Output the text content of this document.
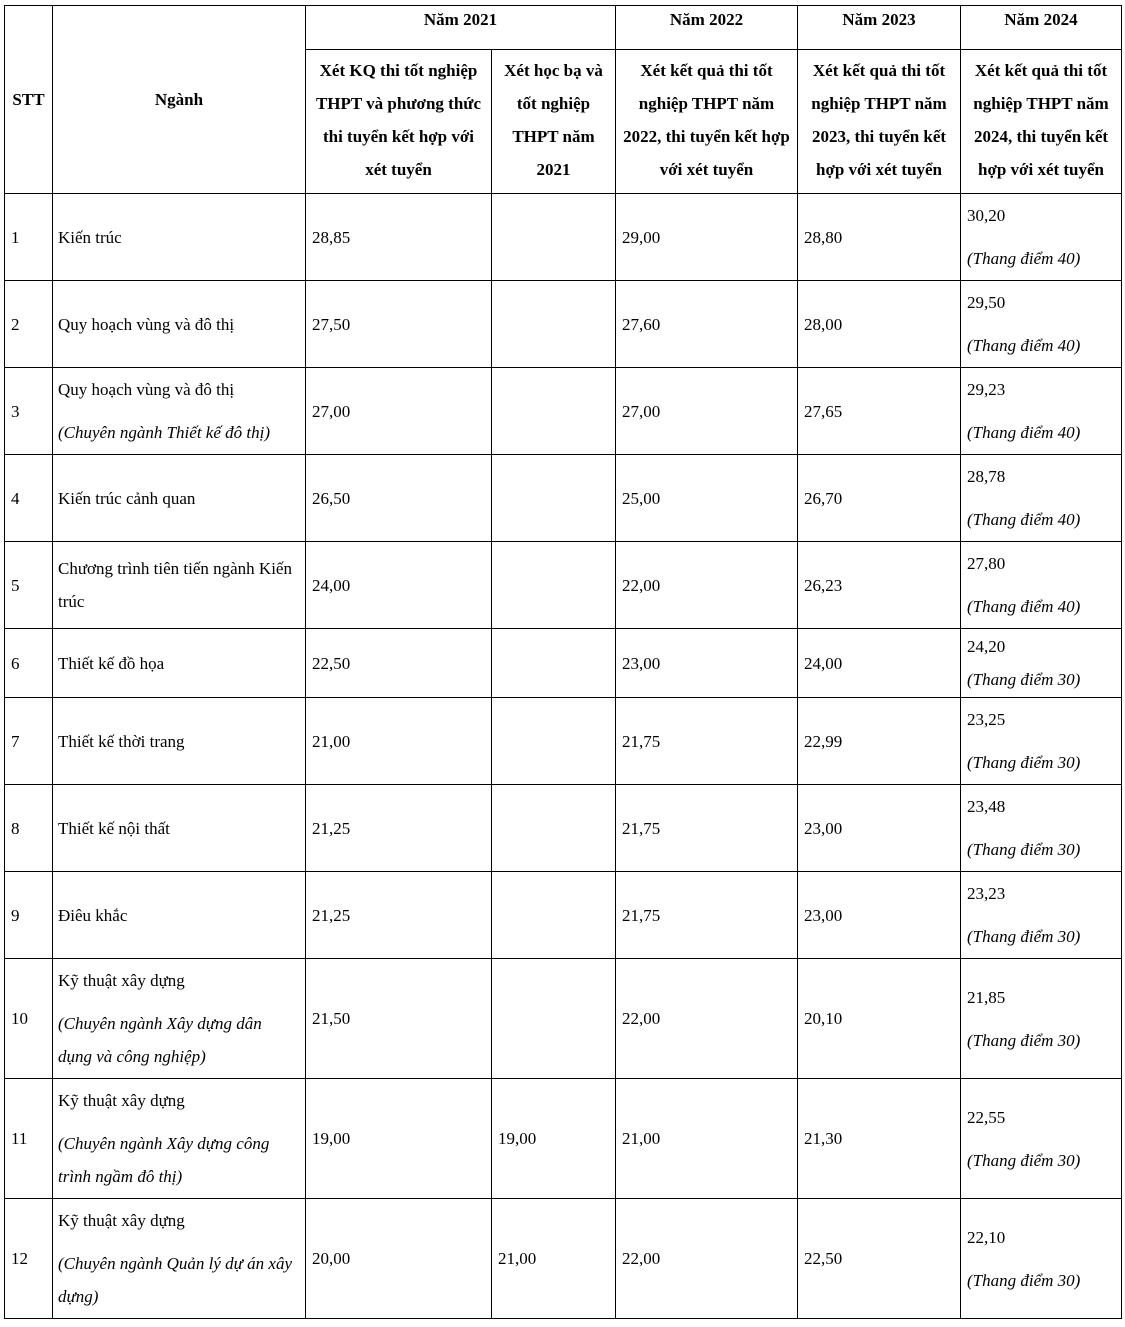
STT	Ngành	Năm 2021		Năm 2022	Năm 2023	Năm 2024
		Xét KQ thi tốt nghiệp THPT và phương thức thi tuyển kết hợp với xét tuyển	Xét học bạ và tốt nghiệp THPT năm 2021	Xét kết quả thi tốt nghiệp THPT năm 2022, thi tuyển kết hợp với xét tuyển	Xét kết quả thi tốt nghiệp THPT năm 2023, thi tuyển kết hợp với xét tuyển	Xét kết quả thi tốt nghiệp THPT năm 2024, thi tuyển kết hợp với xét tuyển
1	Kiến trúc	28,85		29,00	28,80	30,20
(Thang điểm 40)

2	Quy hoạch vùng và đô thị	27,50		27,60	28,00	29,50
(Thang điểm 40)

3	Quy hoạch vùng và đô thị
(Chuyên ngành Thiết kế đô thị)	27,00		27,00	27,65	29,23
(Thang điểm 40)

4	Kiến trúc cảnh quan	26,50		25,00	26,70	28,78
(Thang điểm 40)

5	Chương trình tiên tiến ngành Kiến trúc	24,00		22,00	26,23	27,80
(Thang điểm 40)

6	Thiết kế đồ họa	22,50		23,00	24,00	24,20
(Thang điểm 30)

7	Thiết kế thời trang	21,00		21,75	22,99	23,25
(Thang điểm 30)

8	Thiết kế nội thất	21,25		21,75	23,00	23,48
(Thang điểm 30)

9	Điêu khắc	21,25		21,75	23,00	23,23
(Thang điểm 30)

10	Kỹ thuật xây dựng
(Chuyên ngành Xây dựng dân dụng và công nghiệp)	21,50		22,00	20,10	21,85
(Thang điểm 30)

11	Kỹ thuật xây dựng
(Chuyên ngành Xây dựng công trình ngầm đô thị)	19,00	19,00	21,00	21,30	22,55
(Thang điểm 30)

12	Kỹ thuật xây dựng
(Chuyên ngành Quản lý dự án xây dựng)	20,00	21,00	22,00	22,50	22,10
(Thang điểm 30)
